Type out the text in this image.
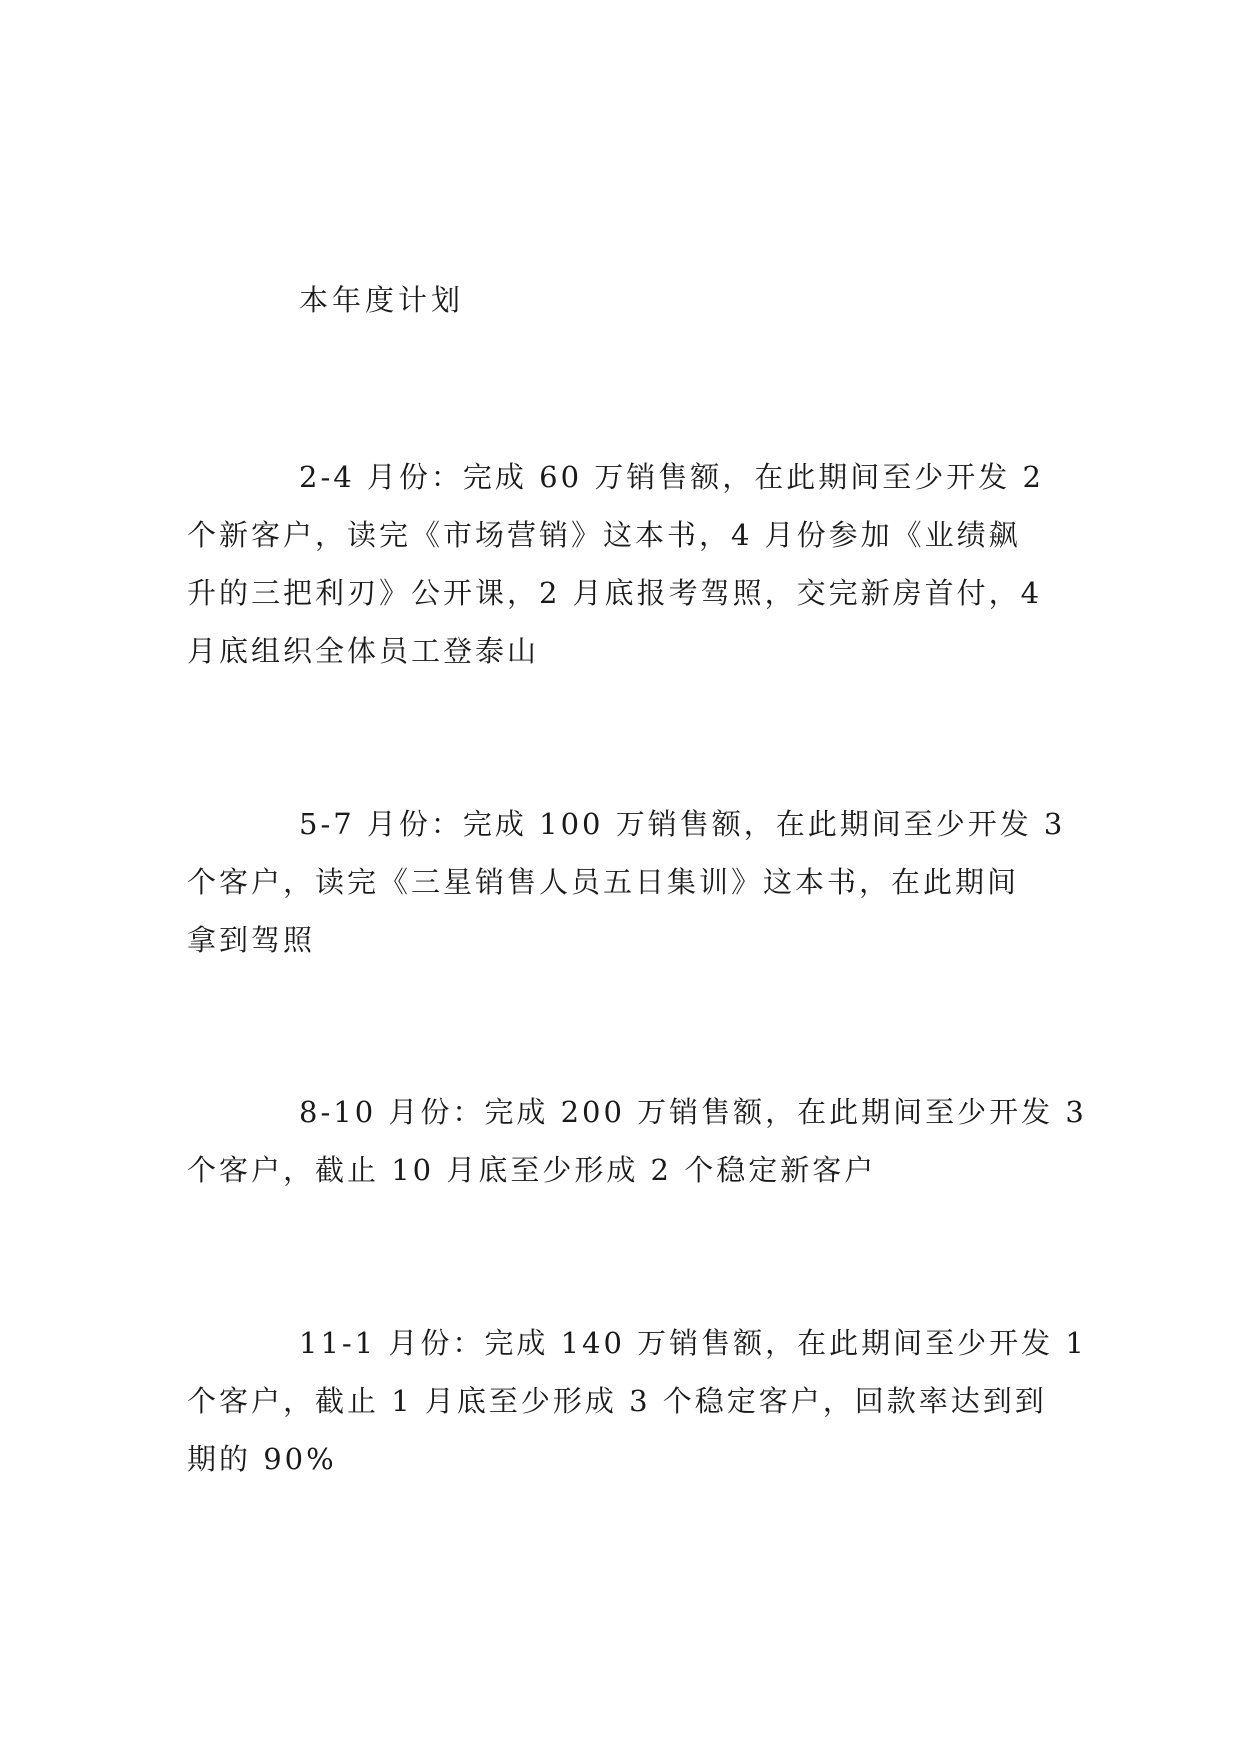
本年度计划

2-4 月份：完成 60 万销售额，在此期间至少开发 2
个新客户，读完《市场营销》这本书，4 月份参加《业绩飙
升的三把利刃》公开课，2 月底报考驾照，交完新房首付，4
月底组织全体员工登泰山

5-7 月份：完成 100 万销售额，在此期间至少开发 3
个客户，读完《三星销售人员五日集训》这本书，在此期间
拿到驾照

8-10 月份：完成 200 万销售额，在此期间至少开发 3
个客户，截止 10 月底至少形成 2 个稳定新客户

11-1 月份：完成 140 万销售额，在此期间至少开发 1
个客户，截止 1 月底至少形成 3 个稳定客户，回款率达到到
期的 90%
